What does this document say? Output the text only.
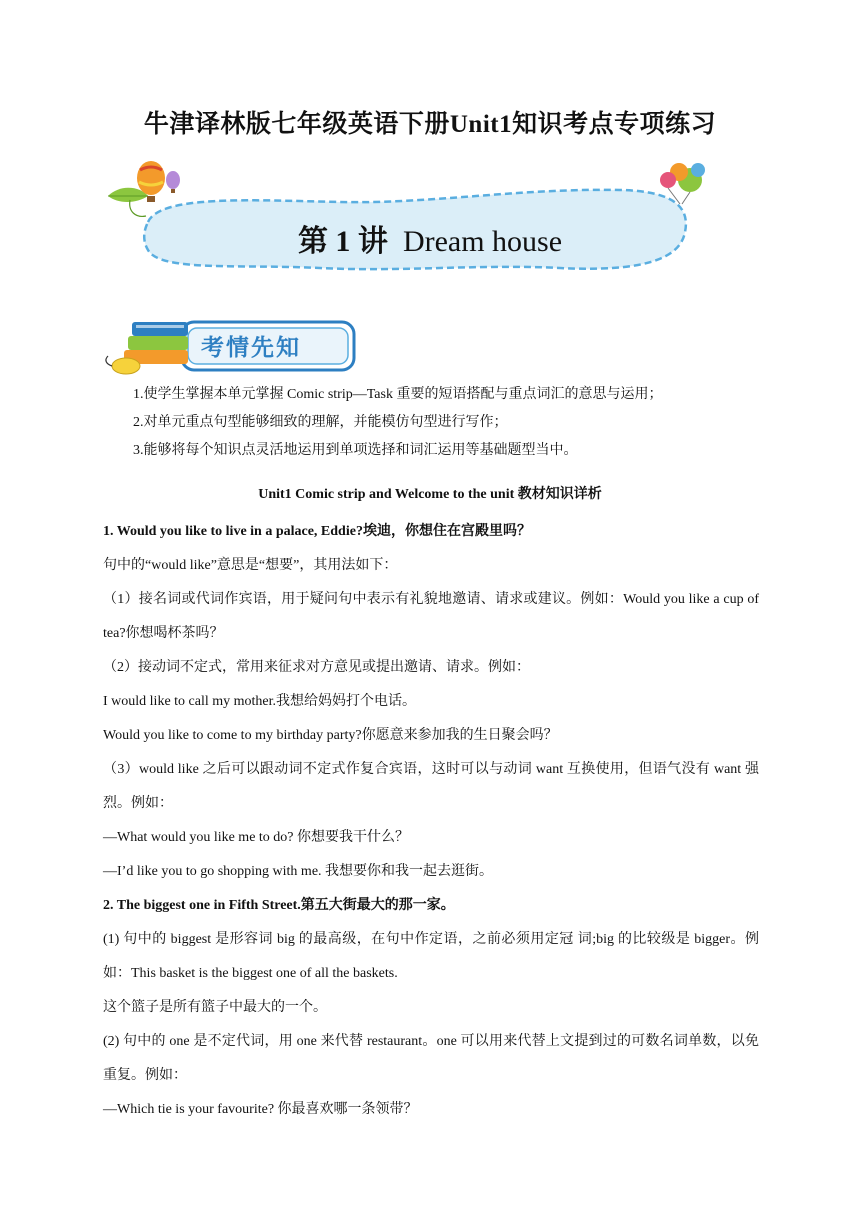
牛津译林版七年级英语下册Unit1知识考点专项练习
第 1 讲 Dream house
考情先知
1.使学生掌握本单元掌握 Comic strip—Task 重要的短语搭配与重点词汇的意思与运用；
2.对单元重点句型能够细致的理解，并能模仿句型进行写作；
3.能够将每个知识点灵活地运用到单项选择和词汇运用等基础题型当中。
Unit1 Comic strip and Welcome to the unit 教材知识详析

1. Would you like to live in a palace, Eddie?埃迪，你想住在宫殿里吗？

句中的“would like”意思是“想要”，其用法如下：

（1）接名词或代词作宾语，用于疑问句中表示有礼貌地邀请、请求或建议。例如：Would you like a cup of tea?你想喝杯茶吗？

（2）接动词不定式，常用来征求对方意见或提出邀请、请求。例如：

I would like to call my mother.我想给妈妈打个电话。

Would you like to come to my birthday party?你愿意来参加我的生日聚会吗？

（3）would like 之后可以跟动词不定式作复合宾语，这时可以与动词 want 互换使用，但语气没有 want 强烈。例如：

—What would you like me to do? 你想要我干什么？

—I’d like you to go shopping with me. 我想要你和我一起去逛街。

2. The biggest one in Fifth Street.第五大街最大的那一家。

(1) 句中的 biggest 是形容词 big 的最高级，在句中作定语，之前必须用定冠 词;big 的比较级是 bigger。例如：This basket is the biggest one of all the baskets.

这个篮子是所有篮子中最大的一个。

(2) 句中的 one 是不定代词，用 one 来代替 restaurant。one 可以用来代替上文提到过的可数名词单数，以免重复。例如：

—Which tie is your favourite? 你最喜欢哪一条领带？
